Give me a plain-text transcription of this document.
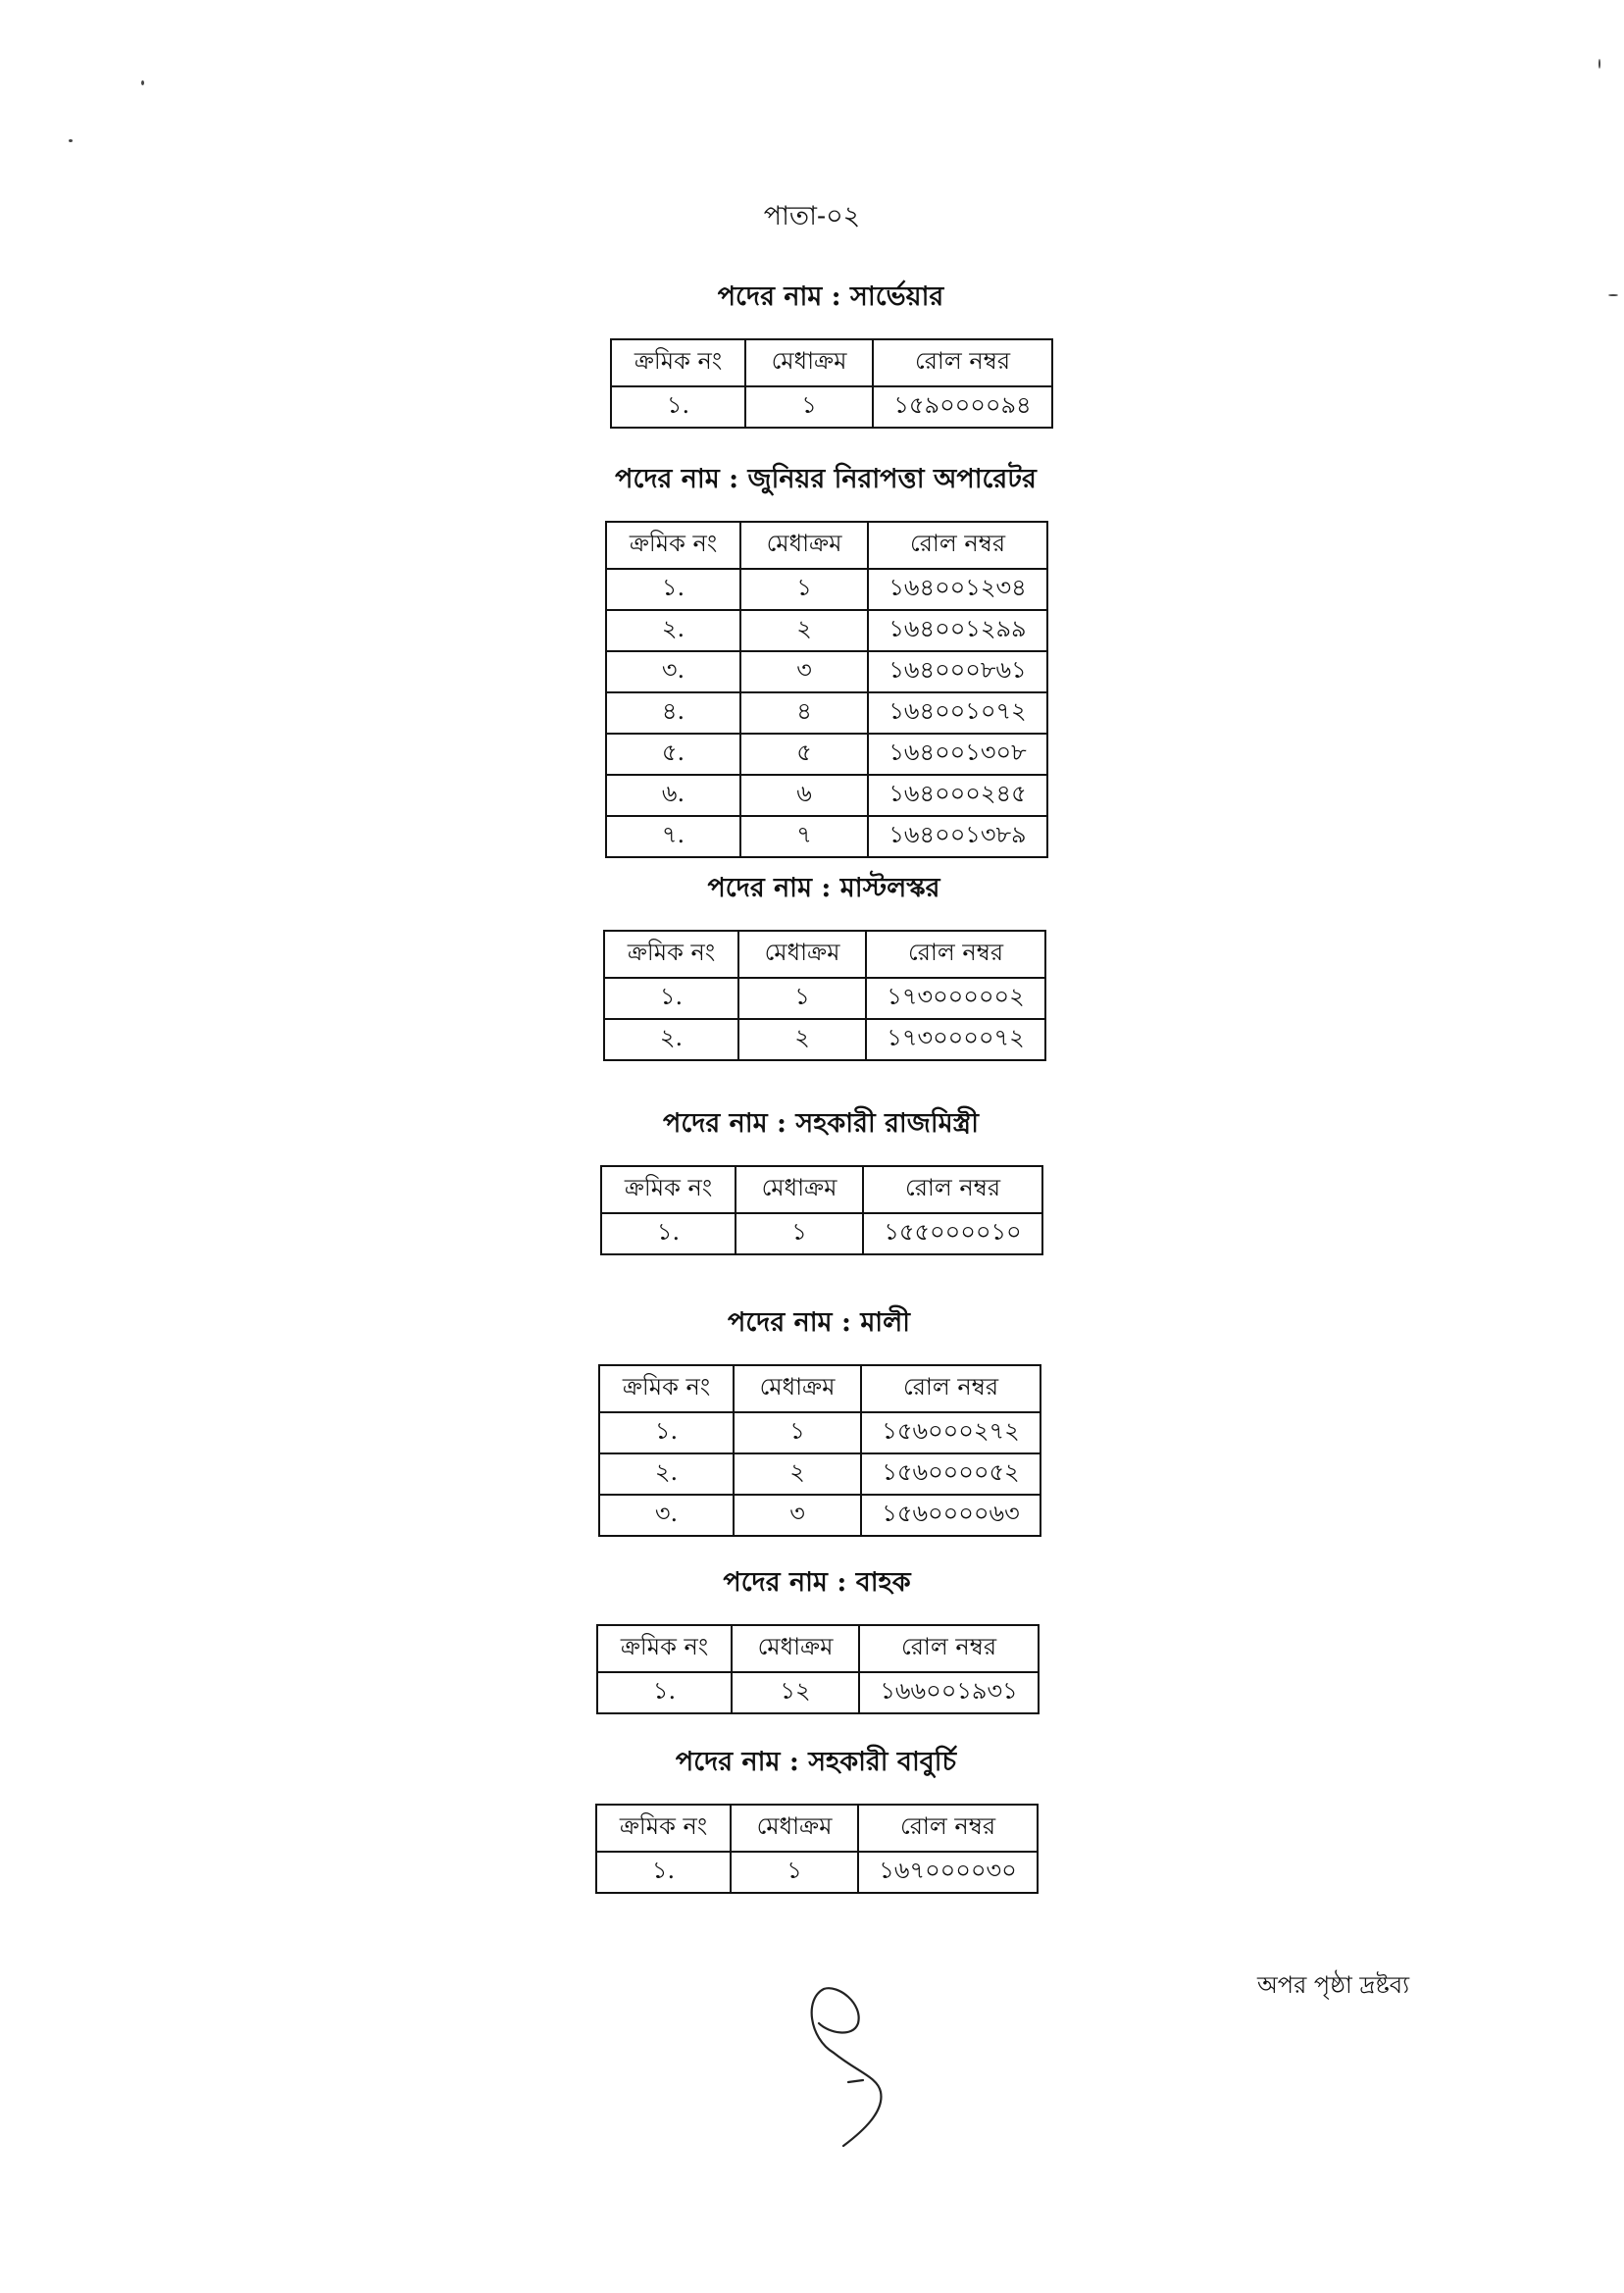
পাতা-০২
পদের নাম : সার্ভেয়ার
ক্রমিক নং	মেধাক্রম	রোল নম্বর
১.	১	১৫৯০০০০৯৪
পদের নাম : জুনিয়র নিরাপত্তা অপারেটর
ক্রমিক নং	মেধাক্রম	রোল নম্বর
১.	১	১৬৪০০১২৩৪
২.	২	১৬৪০০১২৯৯
৩.	৩	১৬৪০০০৮৬১
৪.	৪	১৬৪০০১০৭২
৫.	৫	১৬৪০০১৩০৮
৬.	৬	১৬৪০০০২৪৫
৭.	৭	১৬৪০০১৩৮৯
পদের নাম : মাস্টলস্কর
ক্রমিক নং	মেধাক্রম	রোল নম্বর
১.	১	১৭৩০০০০০২
২.	২	১৭৩০০০০৭২
পদের নাম : সহকারী রাজমিস্ত্রী
ক্রমিক নং	মেধাক্রম	রোল নম্বর
১.	১	১৫৫০০০০১০
পদের নাম : মালী
ক্রমিক নং	মেধাক্রম	রোল নম্বর
১.	১	১৫৬০০০২৭২
২.	২	১৫৬০০০০৫২
৩.	৩	১৫৬০০০০৬৩
পদের নাম : বাহক
ক্রমিক নং	মেধাক্রম	রোল নম্বর
১.	১২	১৬৬০০১৯৩১
পদের নাম : সহকারী বাবুর্চি
ক্রমিক নং	মেধাক্রম	রোল নম্বর
১.	১	১৬৭০০০০৩০
অপর পৃষ্ঠা দ্রষ্টব্য
